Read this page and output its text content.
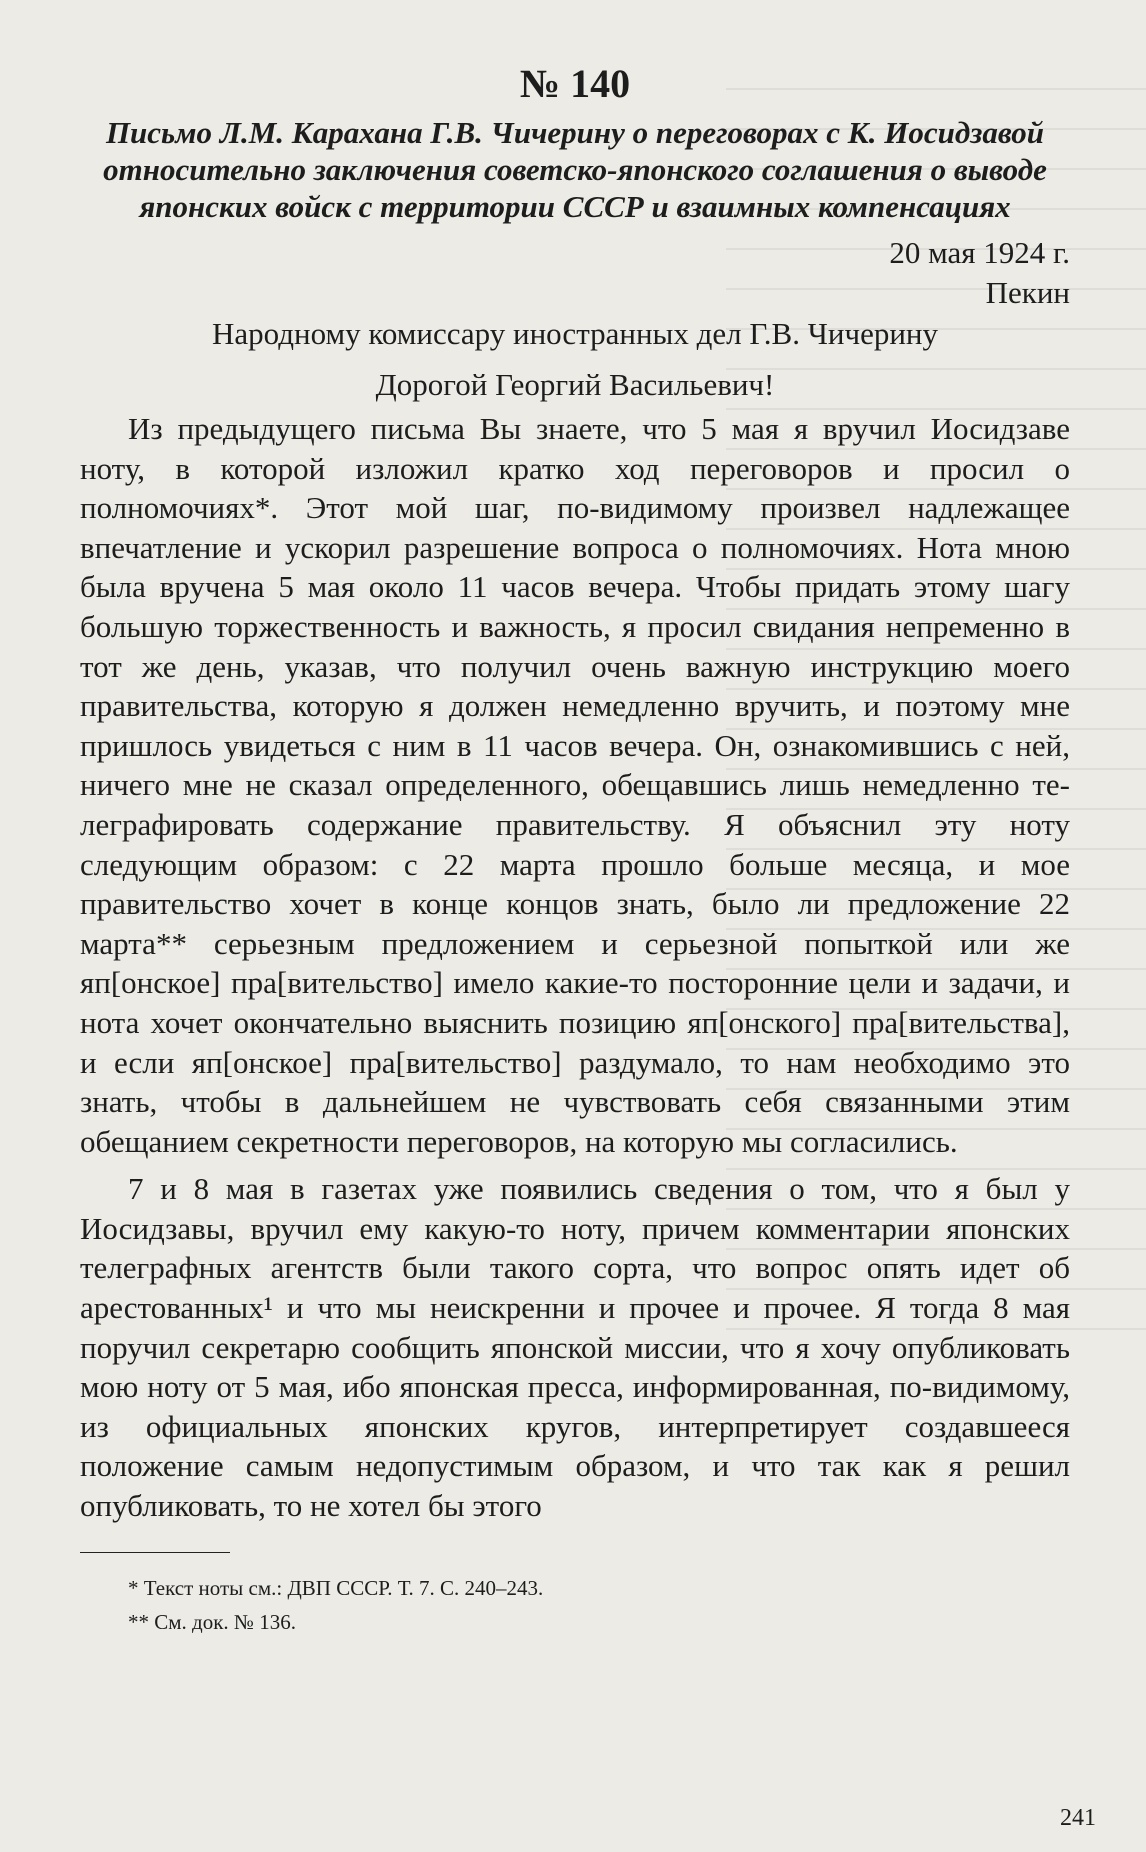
№ 140

Письмо Л.М. Карахана Г.В. Чичерину о переговорах с К. Иосидзавой относительно заключения советско-японского соглашения о выводе японских войск с территории СССР и взаимных компенсациях

20 мая 1924 г.

Пекин

Народному комиссару иностранных дел Г.В. Чичерину

Дорогой Георгий Васильевич!

Из предыдущего письма Вы знаете, что 5 мая я вручил Иосидзаве ноту, в которой изложил кратко ход переговоров и просил о полномочиях*. Этот мой шаг, по-видимому произвел надлежащее впечатление и ускорил разрешение вопроса о полномочиях. Нота мною была вручена 5 мая около 11 часов вечера. Чтобы придать этому шагу большую торжественность и важность, я просил свидания непременно в тот же день, указав, что получил очень важную инструкцию моего правительства, которую я должен немедленно вручить, и поэтому мне пришлось увидеться с ним в 11 часов вечера. Он, ознакомившись с ней, ничего мне не сказал определенного, обещавшись лишь немедленно телеграфировать содержание правительству. Я объяснил эту ноту следующим образом: с 22 марта прошло больше месяца, и мое правительство хочет в конце концов знать, было ли предложение 22 марта** серьезным предложением и серьезной попыткой или же яп[онское] пра[вительство] имело какие-то посторонние цели и задачи, и нота хочет окончательно выяснить позицию яп[онского] пра[вительства], и если яп[онское] пра[вительство] раздумало, то нам необходимо это знать, чтобы в дальнейшем не чувствовать себя связанными этим обещанием секретности переговоров, на которую мы согласились.

7 и 8 мая в газетах уже появились сведения о том, что я был у Иосидзавы, вручил ему какую-то ноту, причем комментарии японских телеграфных агентств были такого сорта, что вопрос опять идет об арестованных¹ и что мы неискренни и прочее и прочее. Я тогда 8 мая поручил секретарю сообщить японской миссии, что я хочу опубликовать мою ноту от 5 мая, ибо японская пресса, информированная, по-видимому, из официальных японских кругов, интерпретирует создавшееся положение самым недопустимым образом, и что так как я решил опубликовать, то не хотел бы этого

* Текст ноты см.: ДВП СССР. Т. 7. С. 240–243.

** См. док. № 136.

241
